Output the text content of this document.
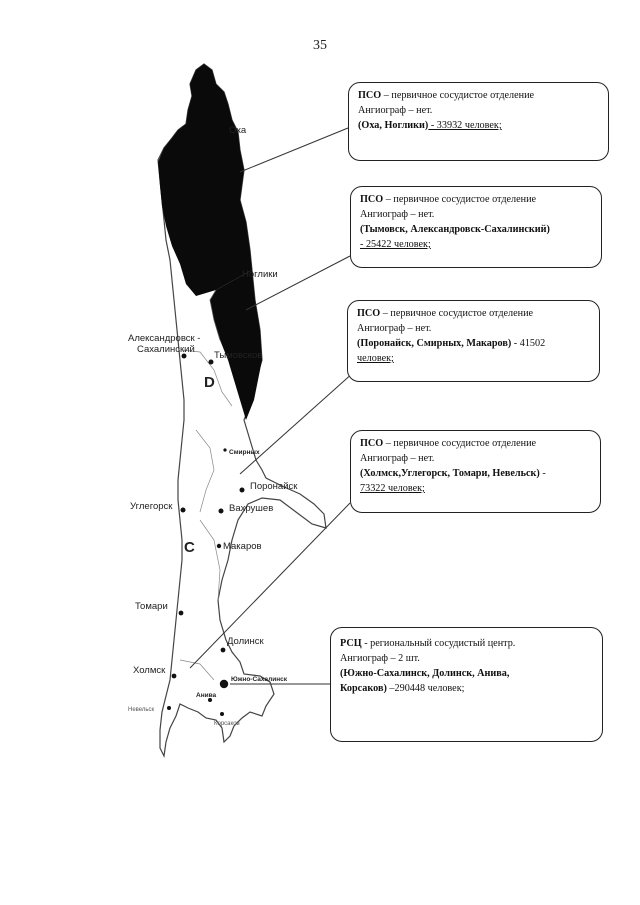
35
Оха
Ноглики
Александровск -
Сахалинский
Тымовсков
Смирных
Поронайск
Вахрушев
Углегорск
Макаров
Томари
Долинск
Холмск
Южно-Сахалинск
Анива
Невельск
Корсаков
D
C
ПСО – первичное сосудистое отделение
Ангиограф – нет.
(Оха, Ноглики) - 33932 человек;
ПСО – первичное сосудистое отделение
Ангиограф – нет.
(Тымовск, Александровск-Сахалинский)
- 25422 человек;
ПСО – первичное сосудистое отделение
Ангиограф – нет.
(Поронайск, Смирных, Макаров) - 41502
человек;
ПСО – первичное сосудистое отделение
Ангиограф – нет.
(Холмск,Углегорск, Томари, Невельск) -
73322 человек;
РСЦ - региональный сосудистый центр.
Ангиограф – 2 шт.
(Южно-Сахалинск, Долинск, Анива,
Корсаков) –290448 человек;
